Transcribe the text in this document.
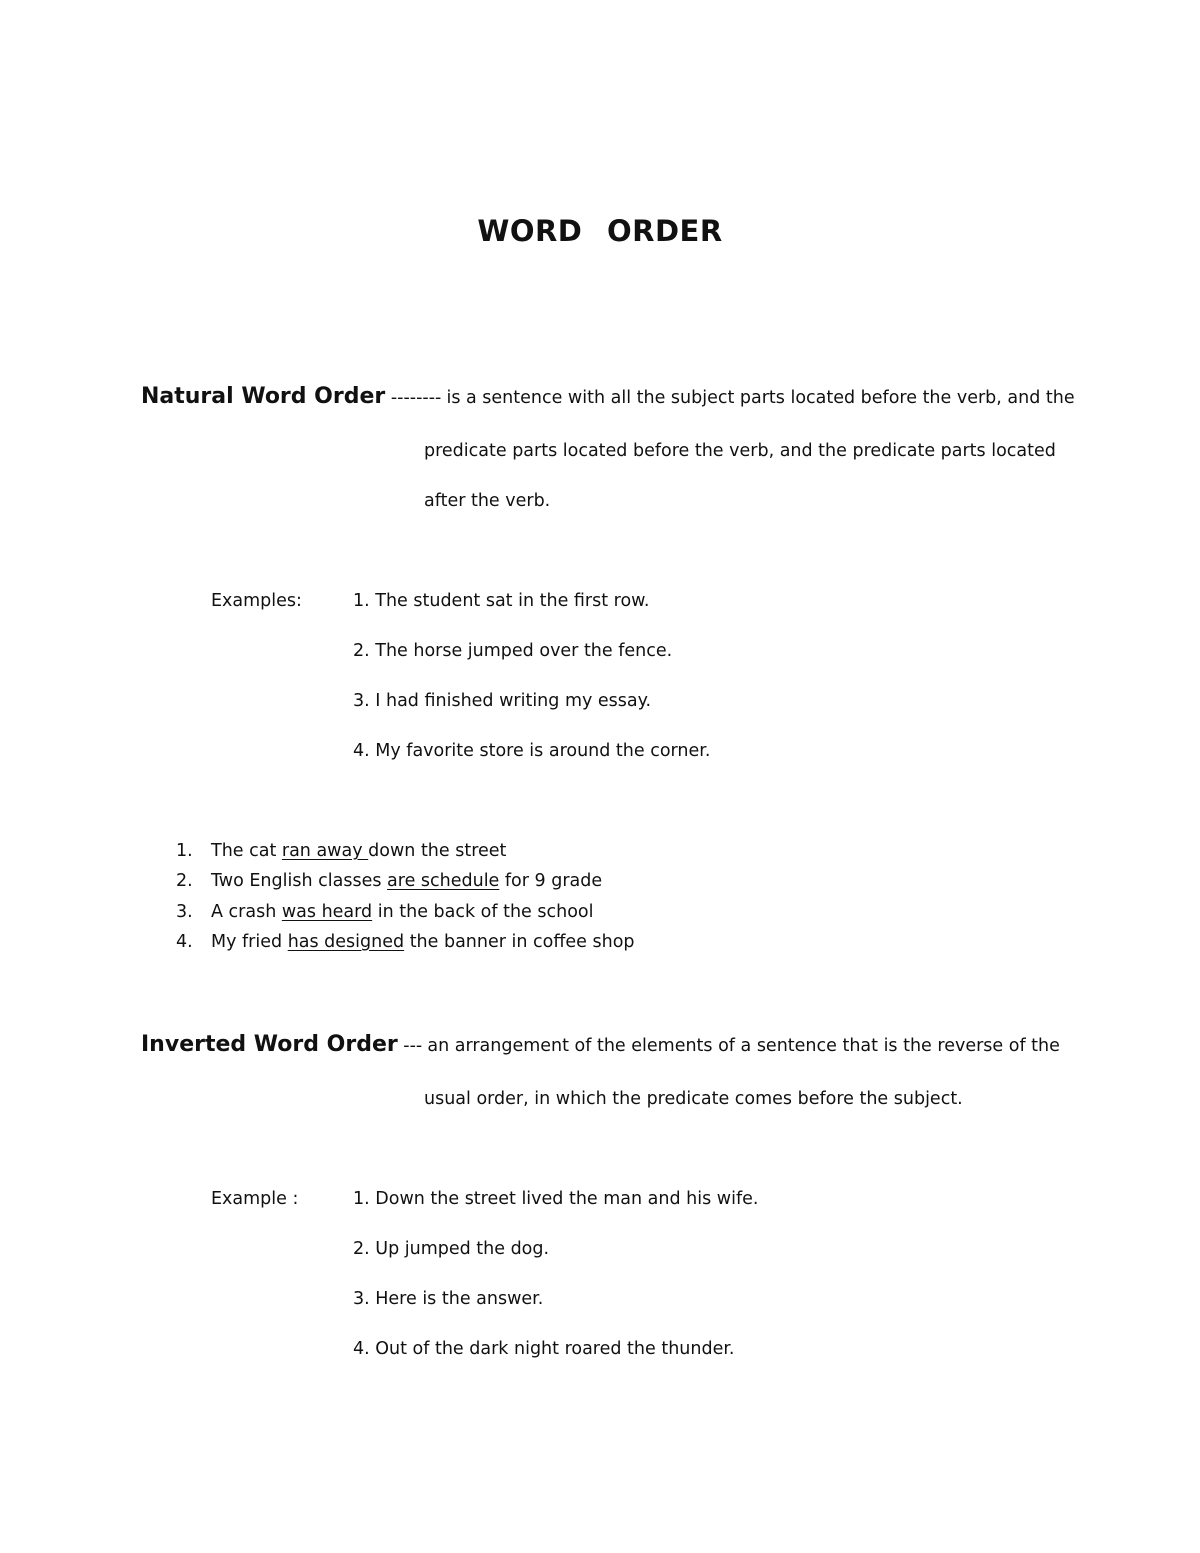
WORD ORDER
Natural Word Order -------- is a sentence with all the subject parts located before the verb, and the
predicate parts located before the verb, and the predicate parts located
after the verb.
Examples:	1. The student sat in the first row.
2. The horse jumped over the fence.
3. I had finished writing my essay.
4. My favorite store is around the corner.
1. The cat ran away down the street
2. Two English classes are schedule for 9 grade
3. A crash was heard in the back of the school
4. My fried has designed the banner in coffee shop
Inverted Word Order --- an arrangement of the elements of a sentence that is the reverse of the
usual order, in which the predicate comes before the subject.
Example :	1. Down the street lived the man and his wife.
2. Up jumped the dog.
3. Here is the answer.
4. Out of the dark night roared the thunder.
